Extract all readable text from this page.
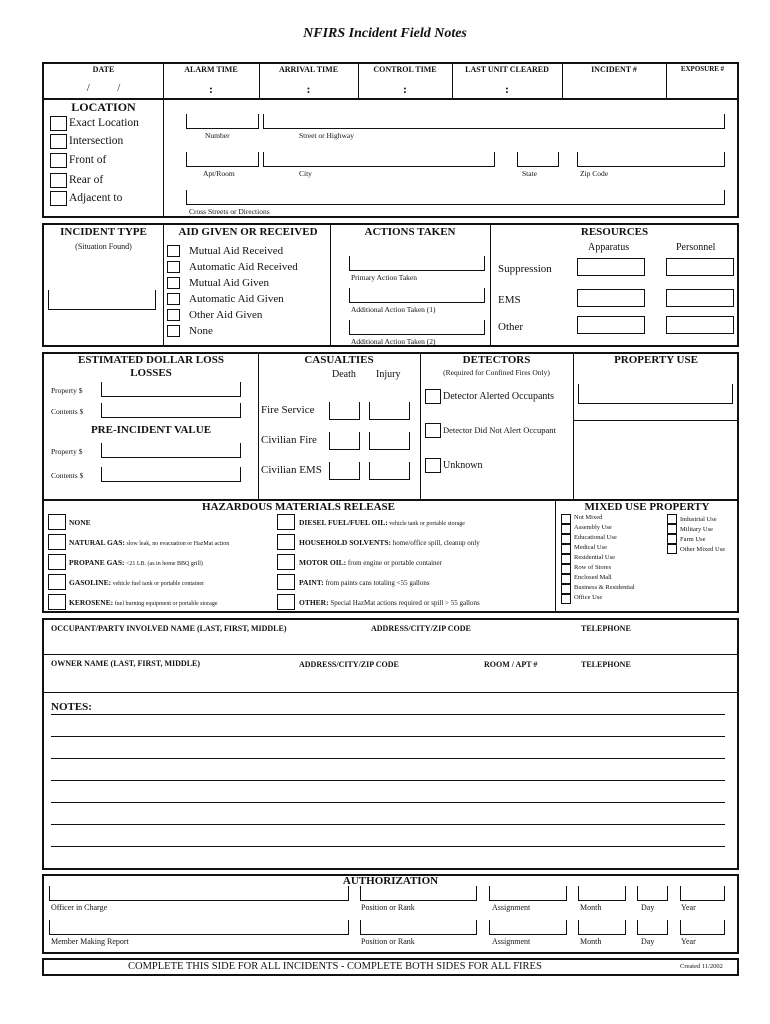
NFIRS Incident Field Notes
DATE	ALARM TIME	ARRIVAL TIME	CONTROL TIME	LAST UNIT CLEARED	INCIDENT #	EXPOSURE #
/          /	:	:	:	:
LOCATION
Exact Location
Intersection
Front of
Rear of
Adjacent to
Number	Street or Highway
Apt/Room	City	State	Zip Code
Cross Streets or Directions
INCIDENT TYPE
(Situation Found)
AID GIVEN OR RECEIVED
Mutual Aid Received
Automatic Aid Received
Mutual Aid Given
Automatic Aid Given
Other Aid Given
None
ACTIONS TAKEN
Primary Action Taken
Additional Action Taken (1)
Additional Action Taken (2)
RESOURCES
Apparatus	Personnel
Suppression
EMS
Other
ESTIMATED DOLLAR LOSS
LOSSES
Property $
Contents $
PRE-INCIDENT VALUE
Property $
Contents $
CASUALTIES
Death Injury
Fire Service
Civilian Fire
Civilian EMS
DETECTORS
(Required for Confined Fires Only)
Detector Alerted Occupants
Detector Did Not Alert Occupant
Unknown
PROPERTY USE
HAZARDOUS MATERIALS RELEASE
NONE
NATURAL GAS: slow leak, no evacuation or HazMat action
PROPANE GAS: <21 LB. (as in home BBQ grill)
GASOLINE: vehicle fuel tank or portable container
KEROSENE: fuel burning equipment or portable storage
DIESEL FUEL/FUEL OIL: vehicle tank or portable storage
HOUSEHOLD SOLVENTS: home/office spill, cleanup only
MOTOR OIL: from engine or portable container
PAINT: from paints cans totaling <55 gallons
OTHER: Special HazMat actions required or spill > 55 gallons
MIXED USE PROPERTY
Not Mixed
Assembly Use
Educational Use
Medical Use
Residential Use
Row of Stores
Enclosed Mall
Business & Residential
Office Use
Industrial Use
Military Use
Farm Use
Other Mixed Use
OCCUPANT/PARTY INVOLVED NAME (LAST, FIRST, MIDDLE)	ADDRESS/CITY/ZIP CODE	TELEPHONE
OWNER NAME (LAST, FIRST, MIDDLE)	ADDRESS/CITY/ZIP CODE	ROOM / APT #	TELEPHONE
NOTES:
AUTHORIZATION
Officer in Charge	Position or Rank	Assignment	Month	Day	Year
Member Making Report	Position or Rank	Assignment	Month	Day	Year
COMPLETE THIS SIDE FOR ALL INCIDENTS - COMPLETE BOTH SIDES FOR ALL FIRES	Created 11/2002
